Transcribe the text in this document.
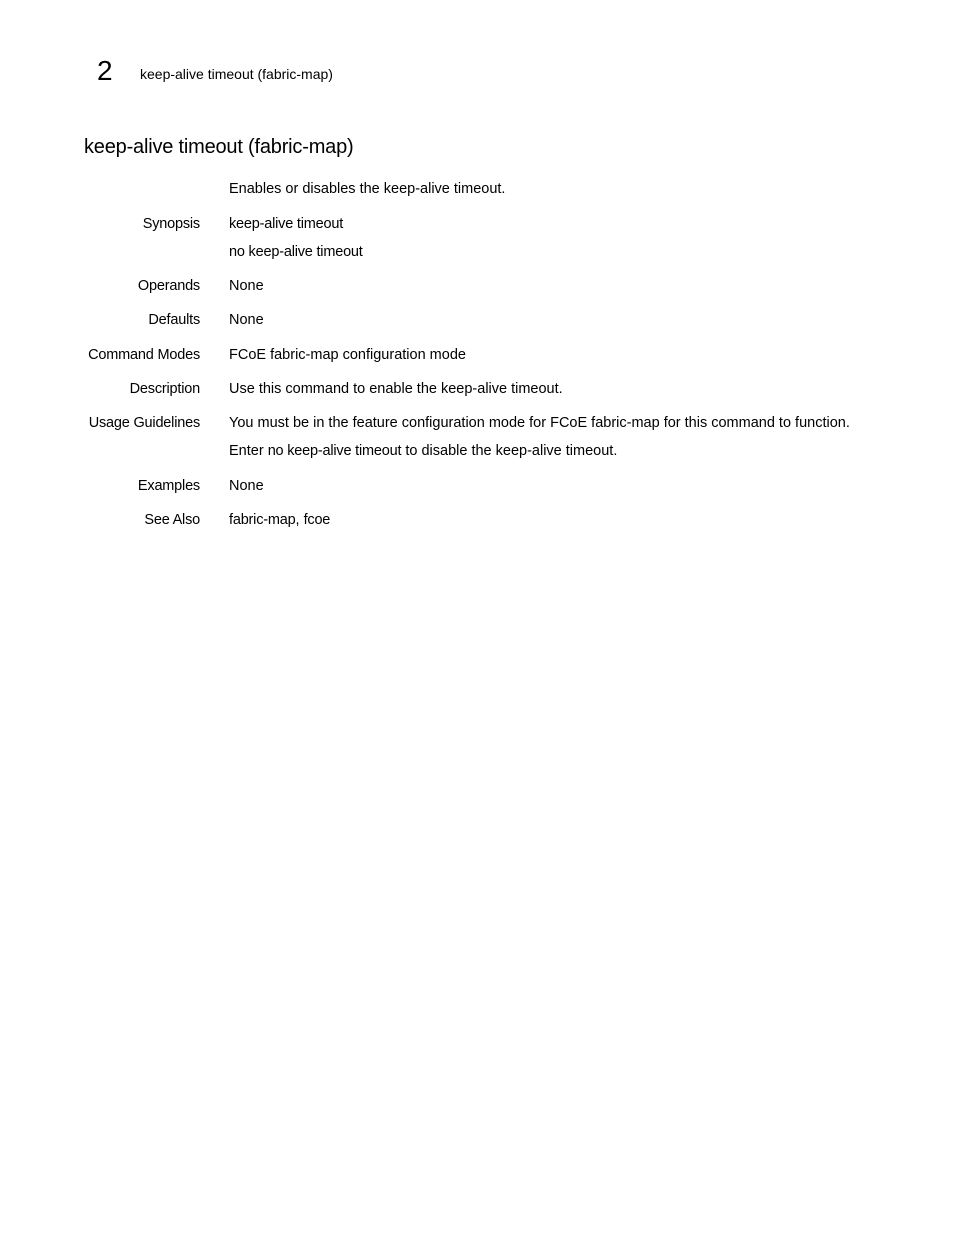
2 keep-alive timeout (fabric-map)
keep-alive timeout (fabric-map)
Enables or disables the keep-alive timeout.
Synopsis keep-alive timeout
no keep-alive timeout
Operands None
Defaults None
Command Modes FCoE fabric-map configuration mode
Description Use this command to enable the keep-alive timeout.
Usage Guidelines You must be in the feature configuration mode for FCoE fabric-map for this command to function.
Enter no keep-alive timeout to disable the keep-alive timeout.
Examples None
See Also fabric-map, fcoe
